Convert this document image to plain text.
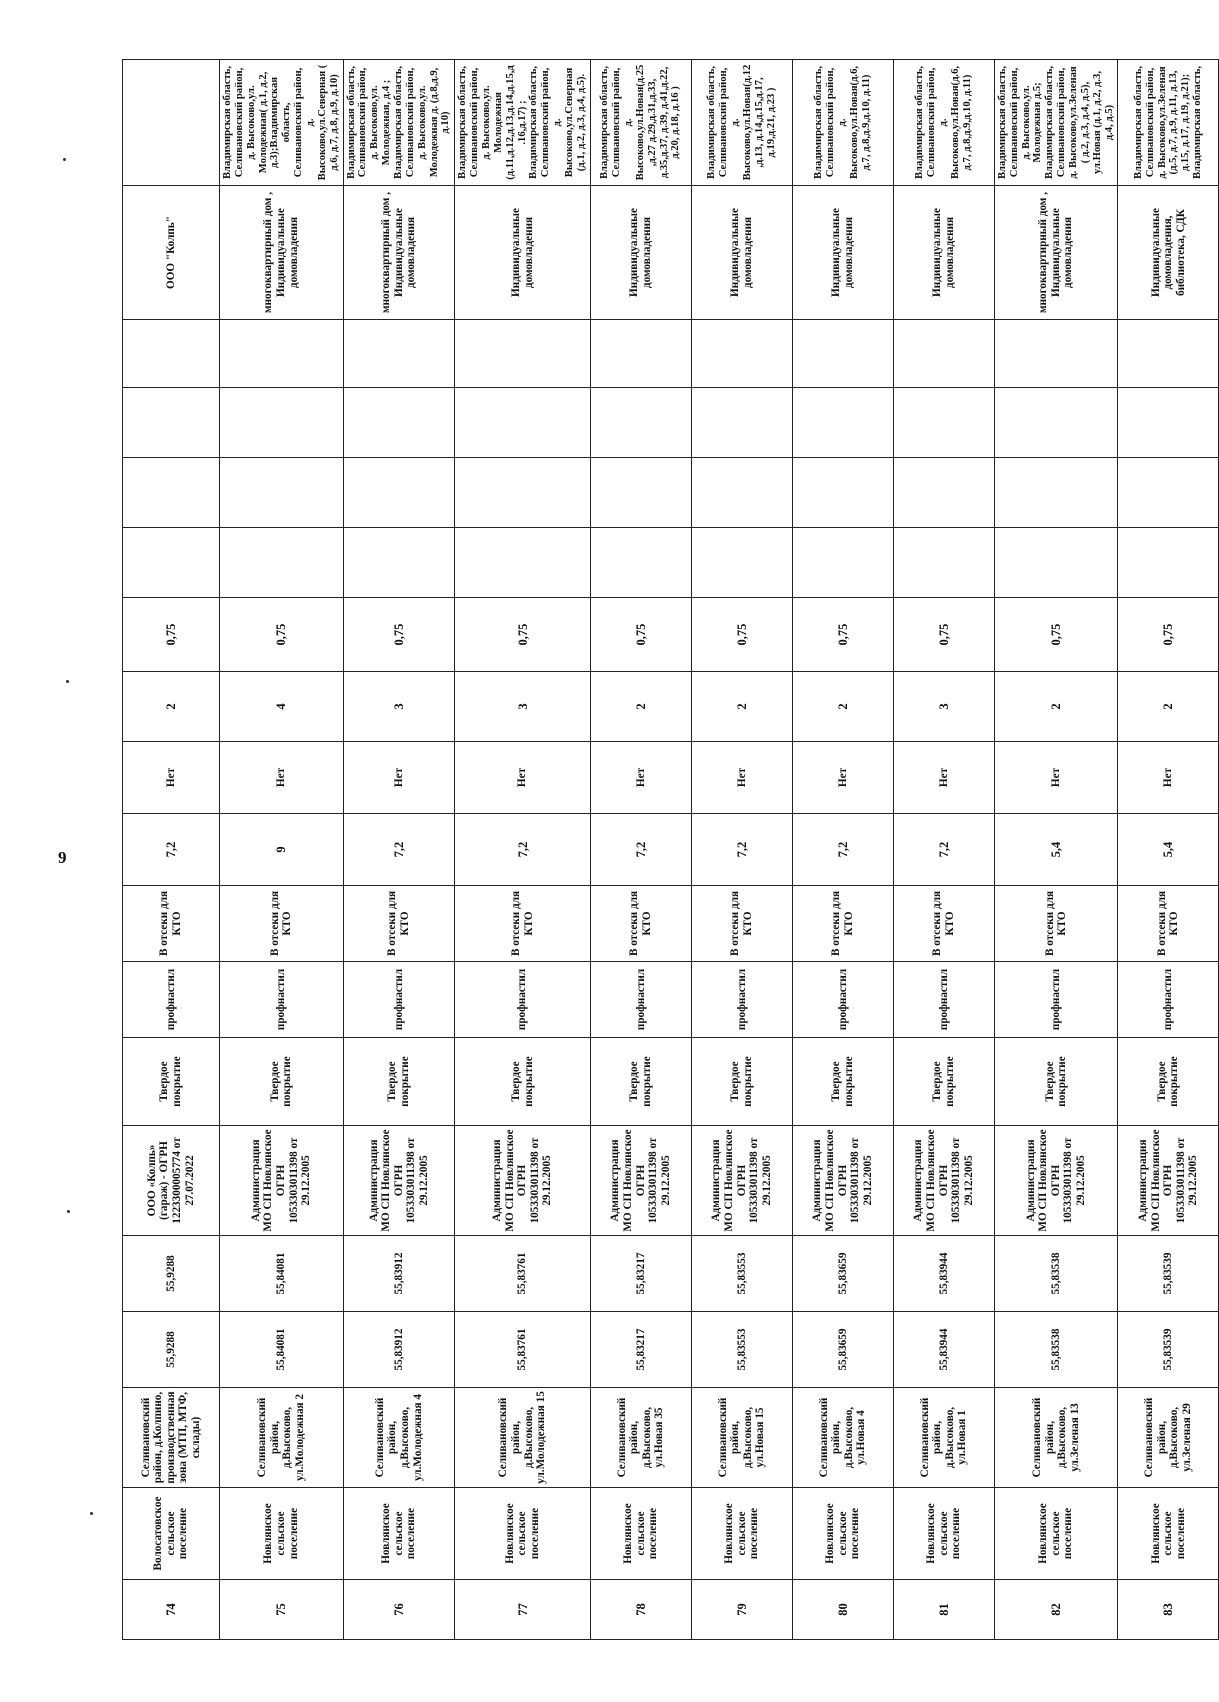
9
74	Волосатовское сельское поселение	Селивановский район, д.Колпино, производственная зона (МТП, МТФ, склады)	55,9288	55,9288	ООО «Колпь» (гараж) - ОГРН 1223300005774 от 27.07.2022	Твердое покрытие	профнастил	В отсеки для КТО	7,2	Нет	2	0,75					ООО "Колпь"	
75	Новлянское сельское поселение	Селивановский район, д.Высоково, ул.Молодежная 2	55,84081	55,84081	Администрация МО СП Новлянское ОГРН 1053303011398 от 29.12.2005	Твердое покрытие	профнастил	В отсеки для КТО	9	Нет	4	0,75					многоквартирный дом , Индивидуальные домовладения	Владимирская область, Селивановский район, д. Высоково,ул. Молодежная( д.1, д.2, д.3);Владимирская область, Селивановский район, д. Высоково,ул.Северная ( д.6, д.7, д.8, д.9, д.10)
76	Новлянское сельское поселение	Селивановский район, д.Высоково, ул.Молодежная 4	55,83912	55,83912	Администрация МО СП Новлянское ОГРН 1053303011398 от 29.12.2005	Твердое покрытие	профнастил	В отсеки для КТО	7,2	Нет	3	0,75					многоквартирный дом , Индивидуальные домовладения	Владимирская область, Селивановский район, д. Высоково,ул. Молодежная, д.4 ; Владимирская область, Селивановский район, д. Высоково,ул. Молодежная д. (д.8,д.9, д.10)
77	Новлянское сельское поселение	Селивановский район, д.Высоково, ул.Молодежная 15	55,83761	55,83761	Администрация МО СП Новлянское ОГРН 1053303011398 от 29.12.2005	Твердое покрытие	профнастил	В отсеки для КТО	7,2	Нет	3	0,75					Индивидуальные домовладения	Владимирская область, Селивановский район, д. Высоково,ул. Молодежная (д.11,д.12,д.13,д.14,д.15,д.16,д.17) ; Владимирская область, Селивановский район, д. Высоково,ул.Северная (д.1, д.2, д.3, д.4, д.5).
78	Новлянское сельское поселение	Селивановский район, д.Высоково, ул.Новая 35	55,83217	55,83217	Администрация МО СП Новлянское ОГРН 1053303011398 от 29.12.2005	Твердое покрытие	профнастил	В отсеки для КТО	7,2	Нет	2	0,75					Индивидуальные домовладения	Владимирская область, Селивановский район, д. Высоково,ул.Новая(д.25,д.27 д.29,д.31,д.33, д.35,д.37, д.39, д.41,д.22, д.20, д.18, д.16 )
79	Новлянское сельское поселение	Селивановский район, д.Высоково, ул.Новая 15	55,83553	55,83553	Администрация МО СП Новлянское ОГРН 1053303011398 от 29.12.2005	Твердое покрытие	профнастил	В отсеки для КТО	7,2	Нет	2	0,75					Индивидуальные домовладения	Владимирская область, Селивановский район, д. Высоково,ул.Новая(д.12,д.13, д.14,д.15,д.17, д.19,д.21, д.23 )
80	Новлянское сельское поселение	Селивановский район, д.Высоково, ул.Новая 4	55,83659	55,83659	Администрация МО СП Новлянское ОГРН 1053303011398 от 29.12.2005	Твердое покрытие	профнастил	В отсеки для КТО	7,2	Нет	2	0,75					Индивидуальные домовладения	Владимирская область, Селивановский район, д. Высоково,ул.Новая(д.6,д.7, д.8,д.9,д.10, д.11)
81	Новлянское сельское поселение	Селивановский район, д.Высоково, ул.Новая 1	55,83944	55,83944	Администрация МО СП Новлянское ОГРН 1053303011398 от 29.12.2005	Твердое покрытие	профнастил	В отсеки для КТО	7,2	Нет	3	0,75					Индивидуальные домовладения	Владимирская область, Селивановский район, д. Высоково,ул.Новая(д.6,д.7, д.8,д.9,д.10, д.11)
82	Новлянское сельское поселение	Селивановский район, д.Высоково, ул.Зеленая 13	55,83538	55,83538	Администрация МО СП Новлянское ОГРН 1053303011398 от 29.12.2005	Твердое покрытие	профнастил	В отсеки для КТО	5,4	Нет	2	0,75					многоквартирный дом , Индивидуальные домовладения	Владимирская область, Селивановский район, д. Высоково,ул. Молодежная д.5; Владимирская область, Селивановский район, д. Высоково,ул.Зеленая ( д.2, д.3, д.4, д.5), ул.Новая (д.1, д.2, д.3, д.4, д.5)
83	Новлянское сельское поселение	Селивановский район, д.Высоково, ул.Зеленая 29	55,83539	55,83539	Администрация МО СП Новлянское ОГРН 1053303011398 от 29.12.2005	Твердое покрытие	профнастил	В отсеки для КТО	5,4	Нет	2	0,75					Индивидуальные домовладения, библиотека, СДК	Владимирская область, Селивановский район, д. Высоково,ул.Зеленая (д.5, д.7, д.9, д.11, д.13, д.15, д.17, д.19, д.21); Владимирская область,
